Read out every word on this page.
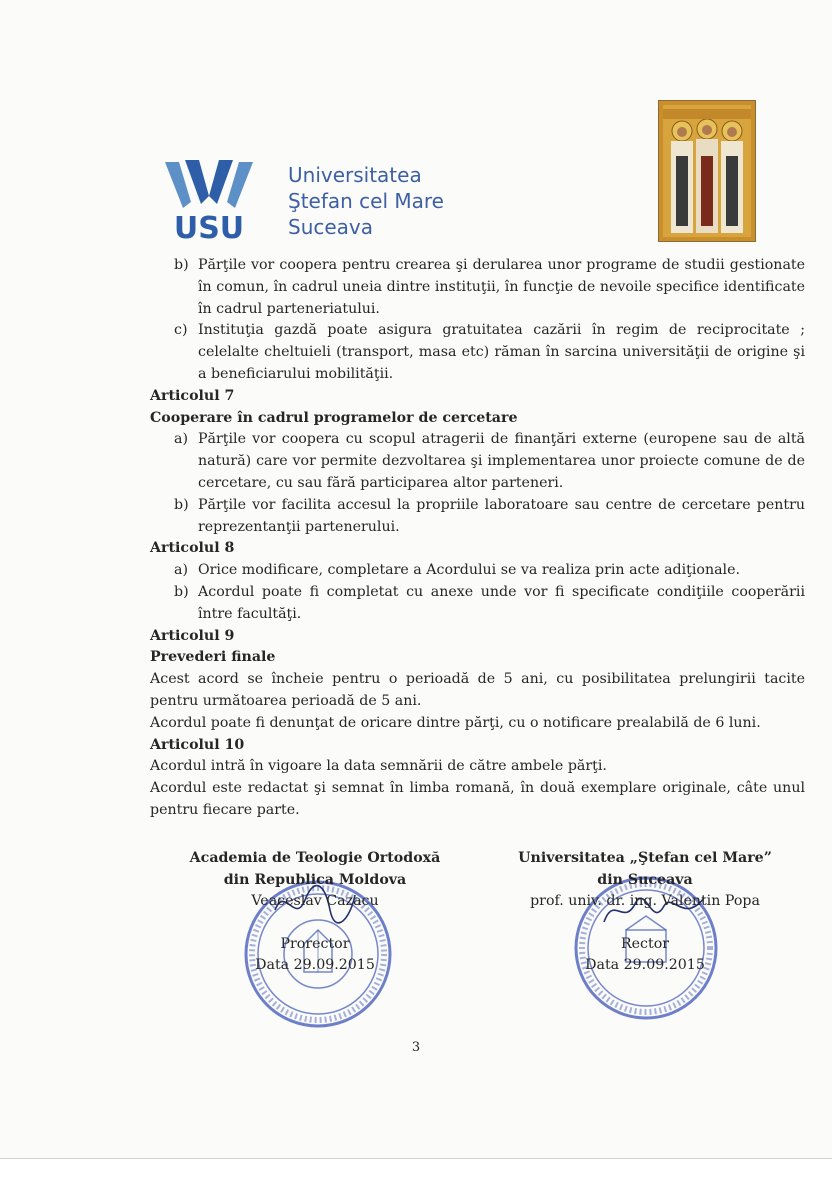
USU
Universitatea
Ştefan cel Mare
Suceava
b) Părţile vor coopera pentru crearea şi derularea unor programe de studii gestionate în comun, în cadrul uneia dintre instituţii, în funcţie de nevoile specifice identificate în cadrul parteneriatului.
c) Instituţia gazdă poate asigura gratuitatea cazării în regim de reciprocitate ; celelalte cheltuieli (transport, masa etc) răman în sarcina universităţii de origine şi a beneficiarului mobilităţii.
Articolul 7
Cooperare în cadrul programelor de cercetare
a) Părţile vor coopera cu scopul atragerii de finanţări externe (europene sau de altă natură) care vor permite dezvoltarea şi implementarea unor proiecte comune de de cercetare, cu sau fără participarea altor parteneri.
b) Părţile vor facilita accesul la propriile laboratoare sau centre de cercetare pentru reprezentanţii partenerului.
Articolul 8
a) Orice modificare, completare a Acordului se va realiza prin acte adiţionale.
b) Acordul poate fi completat cu anexe unde vor fi specificate condiţiile cooperării între facultăţi.
Articolul 9
Prevederi finale
Acest acord se încheie pentru o perioadă de 5 ani, cu posibilitatea prelungirii tacite pentru următoarea perioadă de 5 ani.
Acordul poate fi denunţat de oricare dintre părţi, cu o notificare prealabilă de 6 luni.
Articolul 10
Acordul intră în vigoare la data semnării de către ambele părţi.
Acordul este redactat şi semnat în limba romană, în două exemplare originale, câte unul pentru fiecare parte.
Academia de Teologie Ortodoxă
din Republica Moldova
Veaceslav Cazacu
Prorector
Data 29.09.2015
Universitatea „Ştefan cel Mare”
din Suceava
prof. univ. dr. ing. Valentin Popa
Rector
Data 29.09.2015
3
